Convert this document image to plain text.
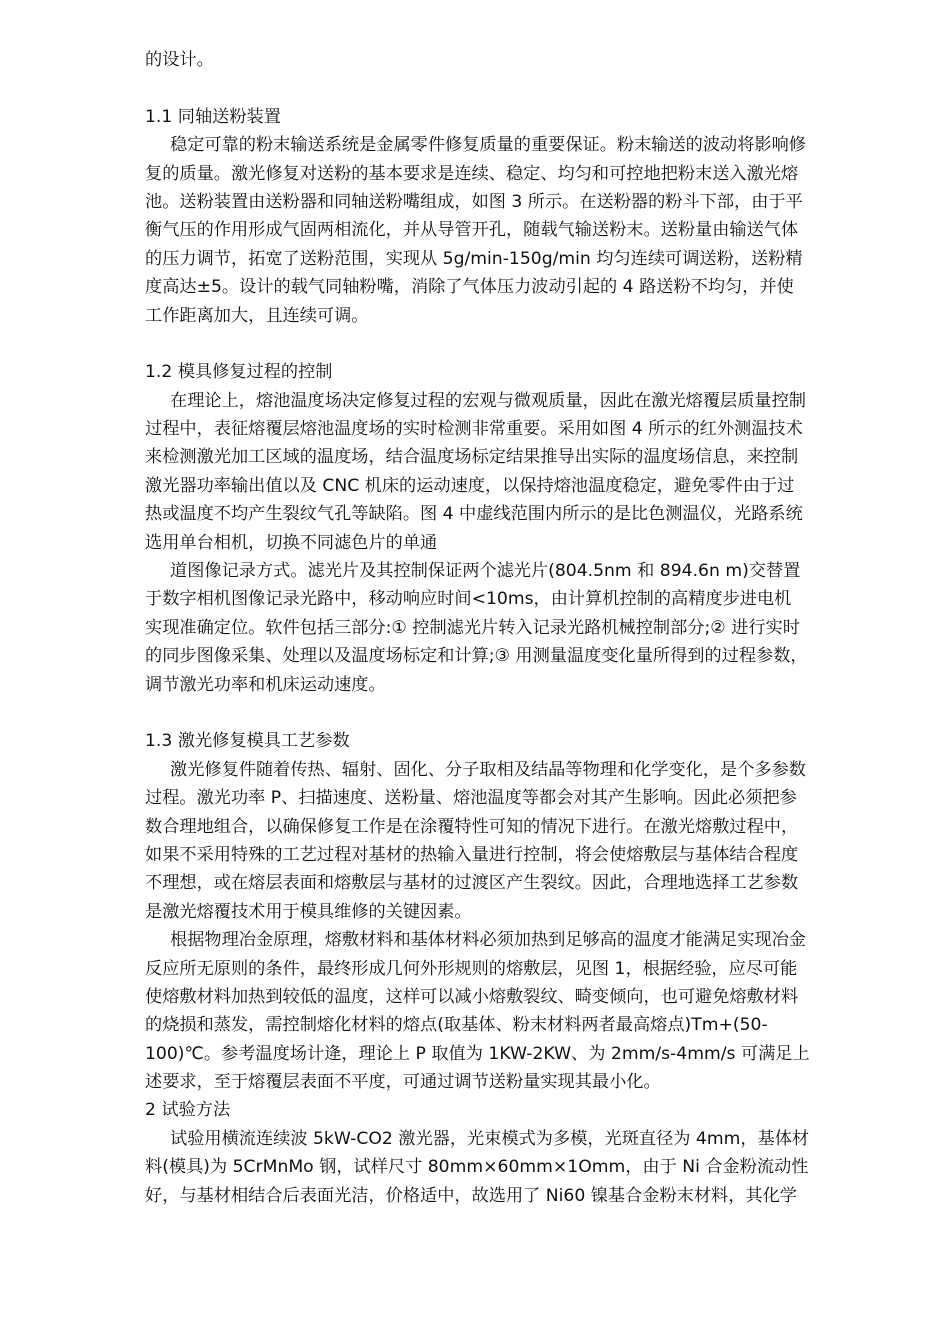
的设计。
1.1 同轴送粉装置
稳定可靠的粉末输送系统是金属零件修复质量的重要保证。粉末输送的波动将影响修
复的质量。激光修复对送粉的基本要求是连续、稳定、均匀和可控地把粉末送入激光熔
池。送粉装置由送粉器和同轴送粉嘴组成，如图 3 所示。在送粉器的粉斗下部，由于平
衡气压的作用形成气固两相流化，并从导管开孔，随载气输送粉末。送粉量由输送气体
的压力调节，拓宽了送粉范围，实现从 5g/min-150g/min 均匀连续可调送粉，送粉精
度高达±5。设计的载气同轴粉嘴，消除了气体压力波动引起的 4 路送粉不均匀，并使
工作距离加大，且连续可调。
1.2 模具修复过程的控制
在理论上，熔池温度场决定修复过程的宏观与微观质量，因此在激光熔覆层质量控制
过程中，表征熔覆层熔池温度场的实时检测非常重要。采用如图 4 所示的红外测温技术
来检测激光加工区域的温度场，结合温度场标定结果推导出实际的温度场信息，来控制
激光器功率输出值以及 CNC 机床的运动速度，以保持熔池温度稳定，避免零件由于过
热或温度不均产生裂纹气孔等缺陷。图 4 中虚线范围内所示的是比色测温仪，光路系统
选用单台相机，切换不同滤色片的单通
道图像记录方式。滤光片及其控制保证两个滤光片(804.5nm 和 894.6n m)交替置
于数字相机图像记录光路中，移动响应时间<10ms，由计算机控制的高精度步进电机
实现准确定位。软件包括三部分:① 控制滤光片转入记录光路机械控制部分;② 进行实时
的同步图像采集、处理以及温度场标定和计算;③ 用测量温度变化量所得到的过程参数，
调节激光功率和机床运动速度。
1.3 激光修复模具工艺参数
激光修复件随着传热、辐射、固化、分子取相及结晶等物理和化学变化，是个多参数
过程。激光功率 P、扫描速度、送粉量、熔池温度等都会对其产生影响。因此必须把参
数合理地组合，以确保修复工作是在涂覆特性可知的情况下进行。在激光熔敷过程中，
如果不采用特殊的工艺过程对基材的热输入量进行控制，将会使熔敷层与基体结合程度
不理想，或在熔层表面和熔敷层与基材的过渡区产生裂纹。因此，合理地选择工艺参数
是激光熔覆技术用于模具维修的关键因素。
根据物理冶金原理，熔敷材料和基体材料必须加热到足够高的温度才能满足实现冶金
反应所无原则的条件，最终形成几何外形规则的熔敷层，见图 1，根据经验，应尽可能
使熔敷材料加热到较低的温度，这样可以减小熔敷裂纹、畸变倾向，也可避免熔敷材料
的烧损和蒸发，需控制熔化材料的熔点(取基体、粉末材料两者最高熔点)Tm+(50-
100)℃。参考温度场计逄，理论上 P 取值为 1KW-2KW、为 2mm/s-4mm/s 可满足上
述要求，至于熔覆层表面不平度，可通过调节送粉量实现其最小化。
2 试验方法
试验用横流连续波 5kW-CO2 激光器，光束模式为多模，光斑直径为 4mm，基体材
料(模具)为 5CrMnMo 钢，试样尺寸 80mm×60mm×1Omm，由于 Ni 合金粉流动性
好，与基材相结合后表面光洁，价格适中，故选用了 Ni60 镍基合金粉末材料，其化学
